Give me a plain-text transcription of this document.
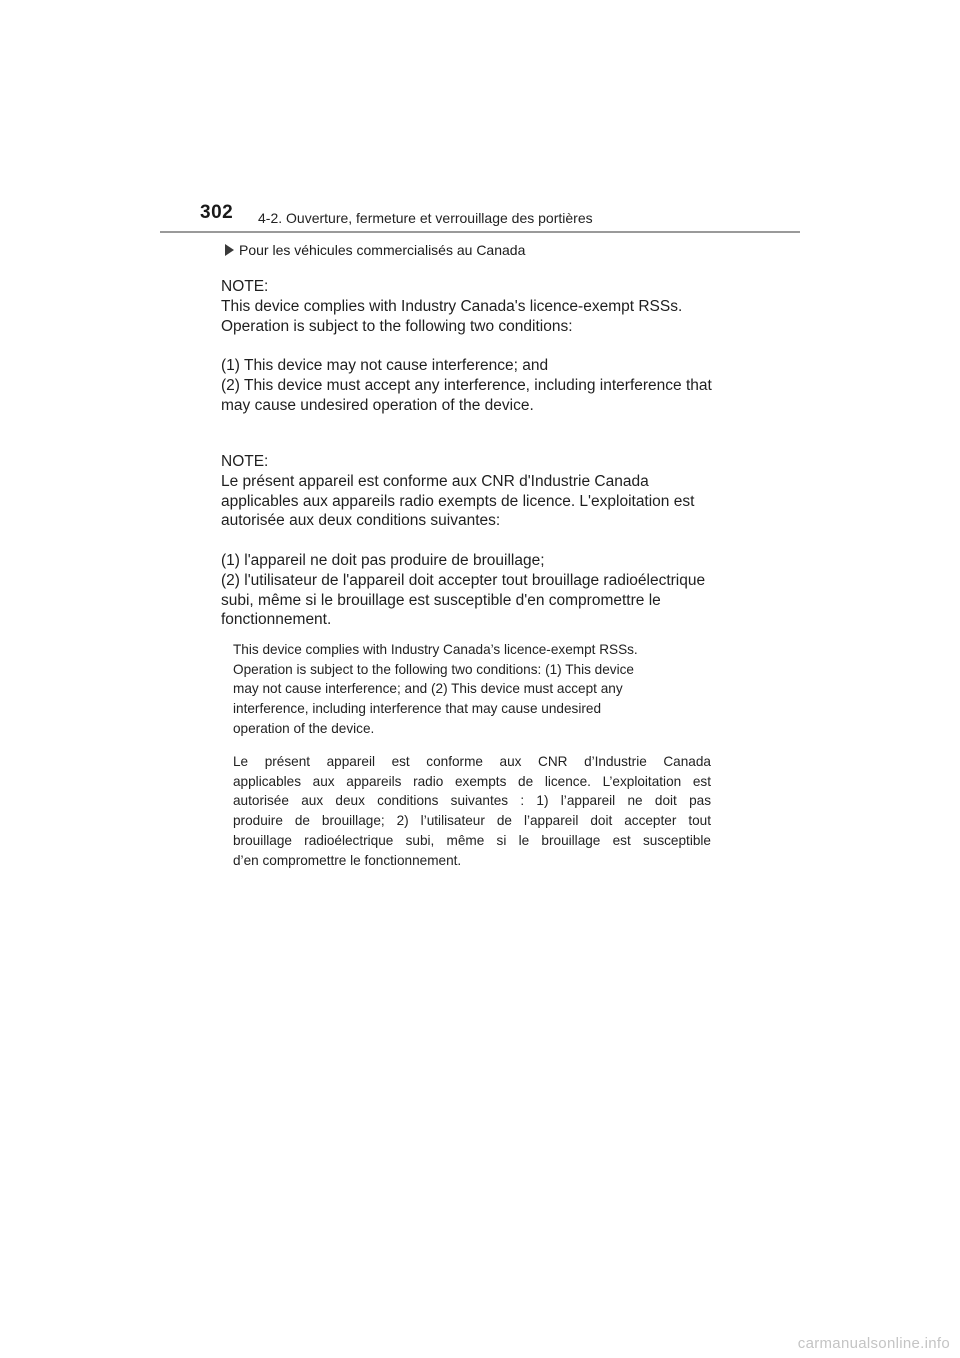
302 4-2. Ouverture, fermeture et verrouillage des portières
Pour les véhicules commercialisés au Canada
NOTE:
This device complies with Industry Canada's licence-exempt RSSs.
Operation is subject to the following two conditions:
(1) This device may not cause interference; and
(2) This device must accept any interference, including interference that
may cause undesired operation of the device.
NOTE:
Le présent appareil est conforme aux CNR d'Industrie Canada
applicables aux appareils radio exempts de licence. L'exploitation est
autorisée aux deux conditions suivantes:
(1) l'appareil ne doit pas produire de brouillage;
(2) l'utilisateur de l'appareil doit accepter tout brouillage radioélectrique
subi, même si le brouillage est susceptible d'en compromettre le
fonctionnement.
This device complies with Industry Canada’s licence-exempt RSSs.
Operation is subject to the following two conditions: (1) This device
may not cause interference; and (2) This device must accept any
interference, including interference that may cause undesired
operation of the device.
Le présent appareil est conforme aux CNR d’Industrie Canada
applicables aux appareils radio exempts de licence. L’exploitation est
autorisée aux deux conditions suivantes : 1) l’appareil ne doit pas
produire de brouillage; 2) l’utilisateur de l’appareil doit accepter tout
brouillage radioélectrique subi, même si le brouillage est susceptible
d’en compromettre le fonctionnement.
carmanualsonline.info
